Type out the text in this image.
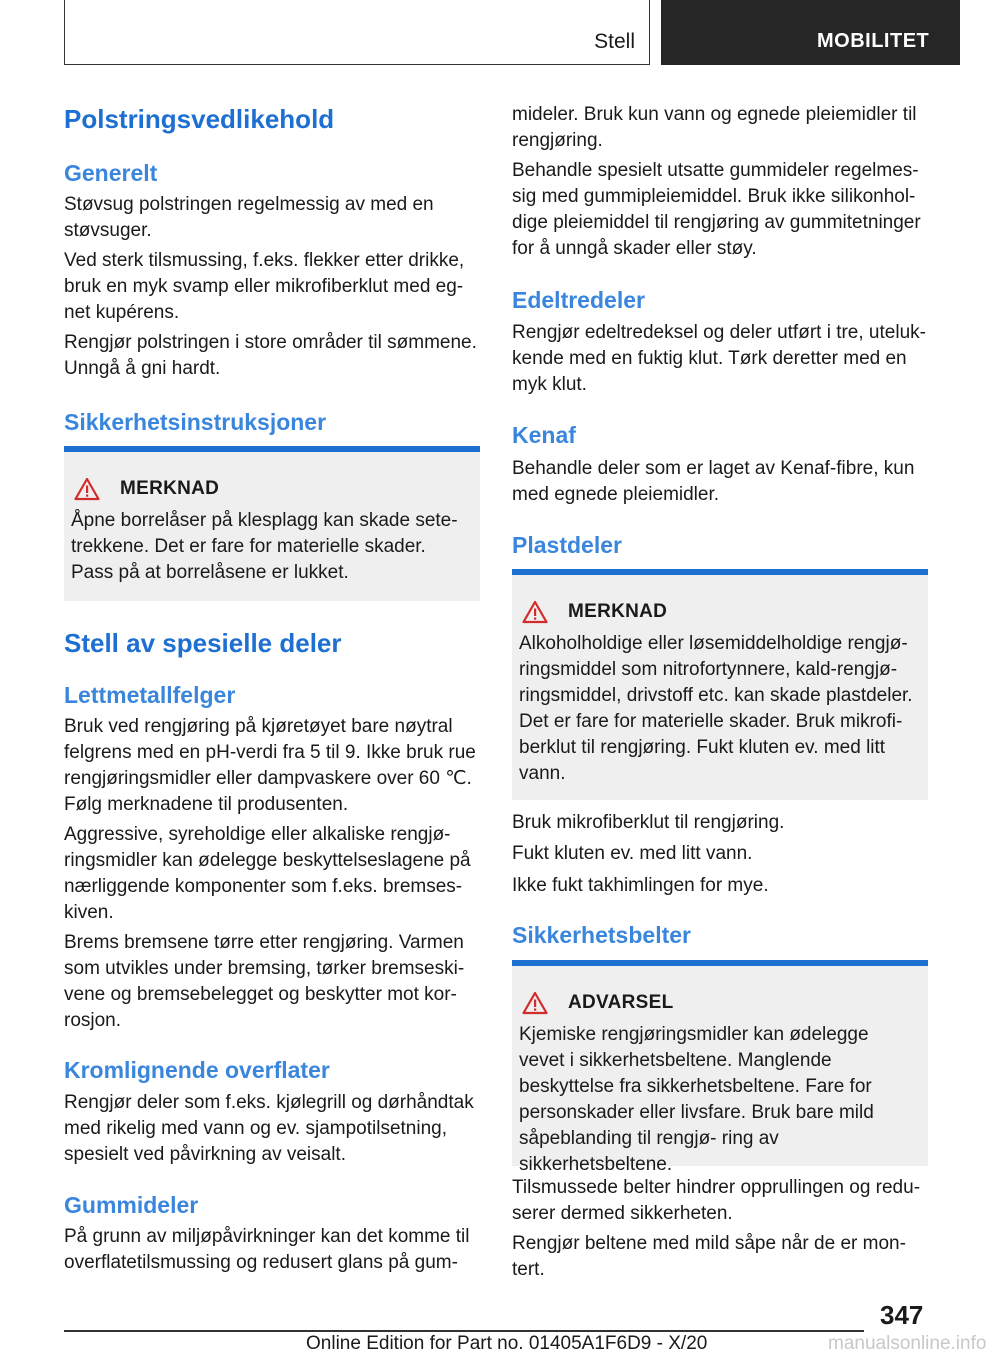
Stell	MOBILITET
Polstringsvedlikehold
Generelt
Støvsug polstringen regelmessig av med en støvsuger.
Ved sterk tilsmussing, f.eks. flekker etter drikke, bruk en myk svamp eller mikrofiberklut med eg‐ net kupérens.
Rengjør polstringen i store områder til sømmene. Unngå å gni hardt.
Sikkerhetsinstruksjoner
MERKNAD
Åpne borrelåser på klesplagg kan skade sete‐ trekkene. Det er fare for materielle skader. Pass på at borrelåsene er lukket.
Stell av spesielle deler
Lettmetallfelger
Bruk ved rengjøring på kjøretøyet bare nøytral felgrens med en pH-verdi fra 5 til 9. Ikke bruk rue rengjøringsmidler eller dampvaskere over 60 ℃. Følg merknadene til produsenten.
Aggressive, syreholdige eller alkaliske rengjø‐ ringsmidler kan ødelegge beskyttelseslagene på nærliggende komponenter som f.eks. bremses‐ kiven.
Brems bremsene tørre etter rengjøring. Varmen som utvikles under bremsing, tørker bremseski‐ vene og bremsebelegget og beskytter mot kor‐ rosjon.
Kromlignende overflater
Rengjør deler som f.eks. kjølegrill og dørhåndtak med rikelig med vann og ev. sjampotilsetning, spesielt ved påvirkning av veisalt.
Gummideler
På grunn av miljøpåvirkninger kan det komme til overflatetilsmussing og redusert glans på gum‐
mideler. Bruk kun vann og egnede pleiemidler til rengjøring.
Behandle spesielt utsatte gummideler regelmes‐ sig med gummipleiemiddel. Bruk ikke silikonhol‐ dige pleiemiddel til rengjøring av gummitetninger for å unngå skader eller støy.
Edeltredeler
Rengjør edeltredeksel og deler utført i tre, uteluk‐ kende med en fuktig klut. Tørk deretter med en myk klut.
Kenaf
Behandle deler som er laget av Kenaf-fibre, kun med egnede pleiemidler.
Plastdeler
MERKNAD
Alkoholholdige eller løsemiddelholdige rengjø‐ ringsmiddel som nitrofortynnere, kald-rengjø‐ ringsmiddel, drivstoff etc. kan skade plastdeler. Det er fare for materielle skader. Bruk mikrofi‐ berklut til rengjøring. Fukt kluten ev. med litt vann.
Bruk mikrofiberklut til rengjøring.
Fukt kluten ev. med litt vann.
Ikke fukt takhimlingen for mye.
Sikkerhetsbelter
ADVARSEL
Kjemiske rengjøringsmidler kan ødelegge vevet i sikkerhetsbeltene. Manglende beskyttelse fra sikkerhetsbeltene. Fare for personskader eller livsfare. Bruk bare mild såpeblanding til rengjø‐ ring av sikkerhetsbeltene.
Tilsmussede belter hindrer opprullingen og redu‐ serer dermed sikkerheten.
Rengjør beltene med mild såpe når de er mon‐ tert.
347
Online Edition for Part no. 01405A1F6D9 - X/20	manualsonline.info
